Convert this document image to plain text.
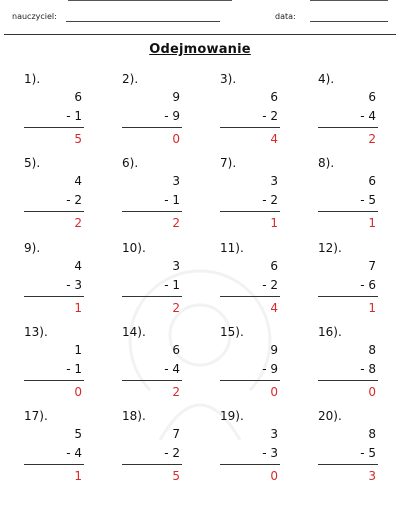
nauczyciel:	data:
Odejmowanie
1).
6
- 1
5
2).
9
- 9
0
3).
6
- 2
4
4).
6
- 4
2
5).
4
- 2
2
6).
3
- 1
2
7).
3
- 2
1
8).
6
- 5
1
9).
4
- 3
1
10).
3
- 1
2
11).
6
- 2
4
12).
7
- 6
1
13).
1
- 1
0
14).
6
- 4
2
15).
9
- 9
0
16).
8
- 8
0
17).
5
- 4
1
18).
7
- 2
5
19).
3
- 3
0
20).
8
- 5
3
